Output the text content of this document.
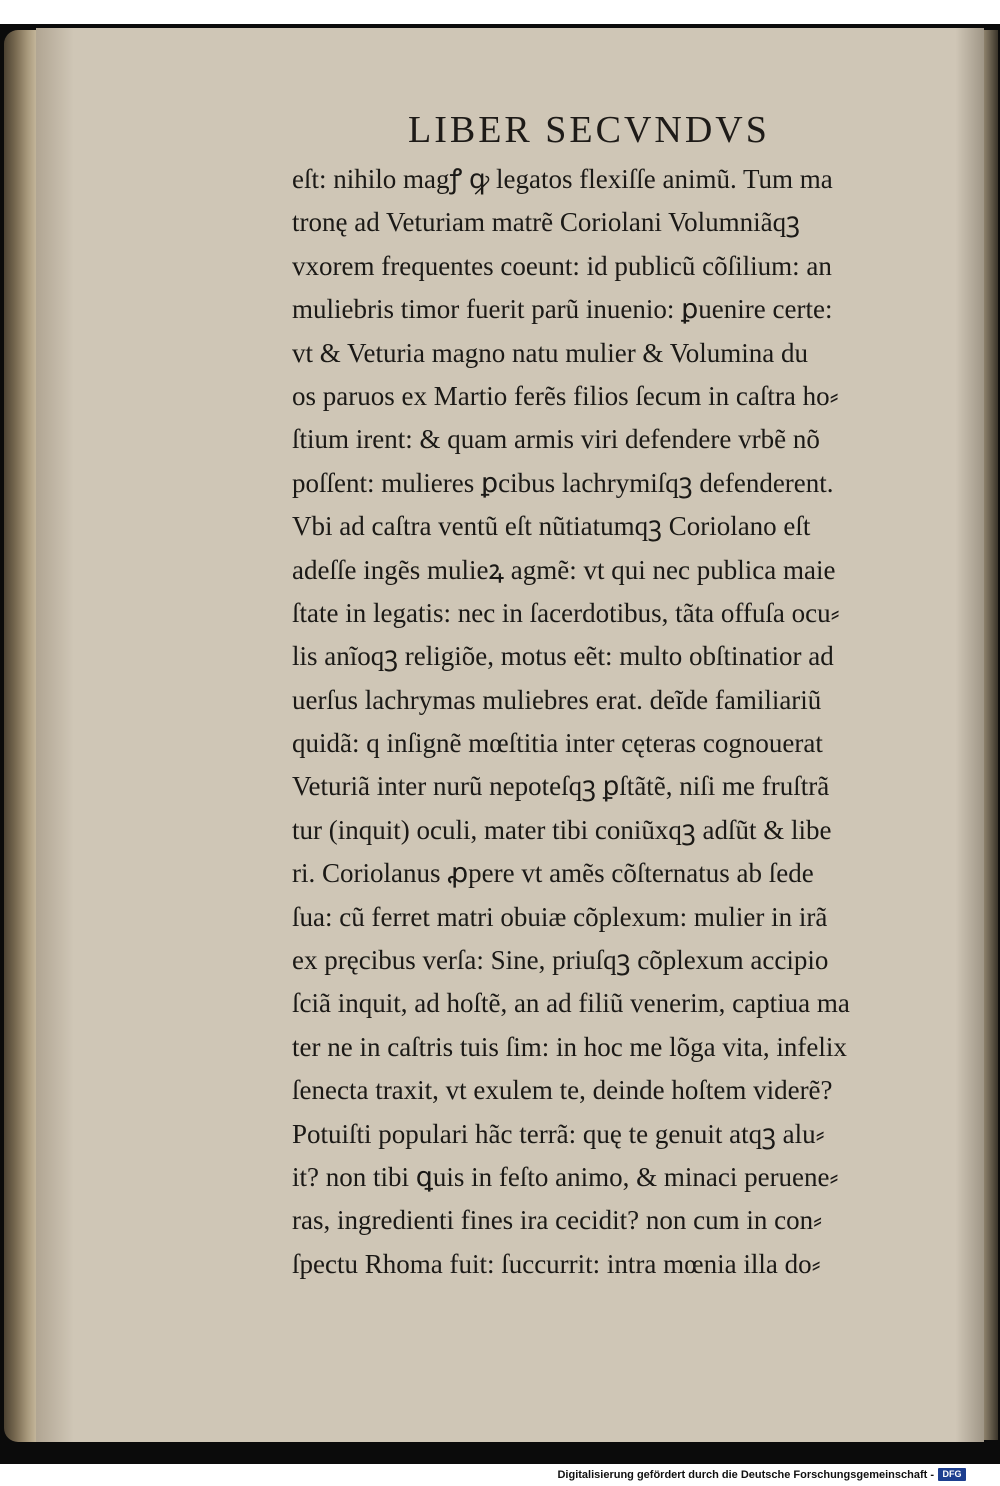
LIBER SECVNDVS
eſt: nihilo magꝭ ꝙ legatos flexiſſe animũ. Tum ma
tronę ad Veturiam matrẽ Coriolani Volumniãqꝫ
vxorem frequentes coeunt: id publicũ cõſilium: an
muliebris timor fuerit parũ inuenio: ꝑuenire certe:
vt & Veturia magno natu mulier & Volumina du
os paruos ex Martio ferẽs filios ſecum in caſtra ho⸗
ſtium irent: & quam armis viri defendere vrbẽ nõ
poſſent: mulieres ꝑcibus lachrymiſqꝫ defenderent.
Vbi ad caſtra ventũ eſt nũtiatumqꝫ Coriolano eſt
adeſſe ingẽs mulieꝝ agmẽ: vt qui nec publica maie
ſtate in legatis: nec in ſacerdotibus, tãta offuſa ocu⸗
lis anĩoqꝫ religiõe, motus eẽt: multo obſtinatior ad
uerſus lachrymas muliebres erat. deĩde familiariũ
quidã: q inſignẽ mœſtitia inter cęteras cognouerat
Veturiã inter nurũ nepoteſqꝫ ꝑſtãtẽ, niſi me fruſtrã
tur (inquit) oculi, mater tibi coniũxqꝫ adſũt & libe
ri. Coriolanus ꝓpere vt amẽs cõſternatus ab ſede
ſua: cũ ferret matri obuiæ cõplexum: mulier in irã
ex pręcibus verſa: Sine, priuſqꝫ cõplexum accipio
ſciã inquit, ad hoſtẽ, an ad filiũ venerim, captiua ma
ter ne in caſtris tuis ſim: in hoc me lõga vita, infelix
ſenecta traxit, vt exulem te, deinde hoſtem viderẽ?
Potuiſti populari hãc terrã: quę te genuit atqꝫ alu⸗
it? non tibi ꝗuis in feſto animo, & minaci peruene⸗
ras, ingredienti fines ira cecidit? non cum in con⸗
ſpectu Rhoma fuit: ſuccurrit: intra mœnia illa do⸗
Digitalisierung gefördert durch die Deutsche Forschungsgemeinschaft - DFG
